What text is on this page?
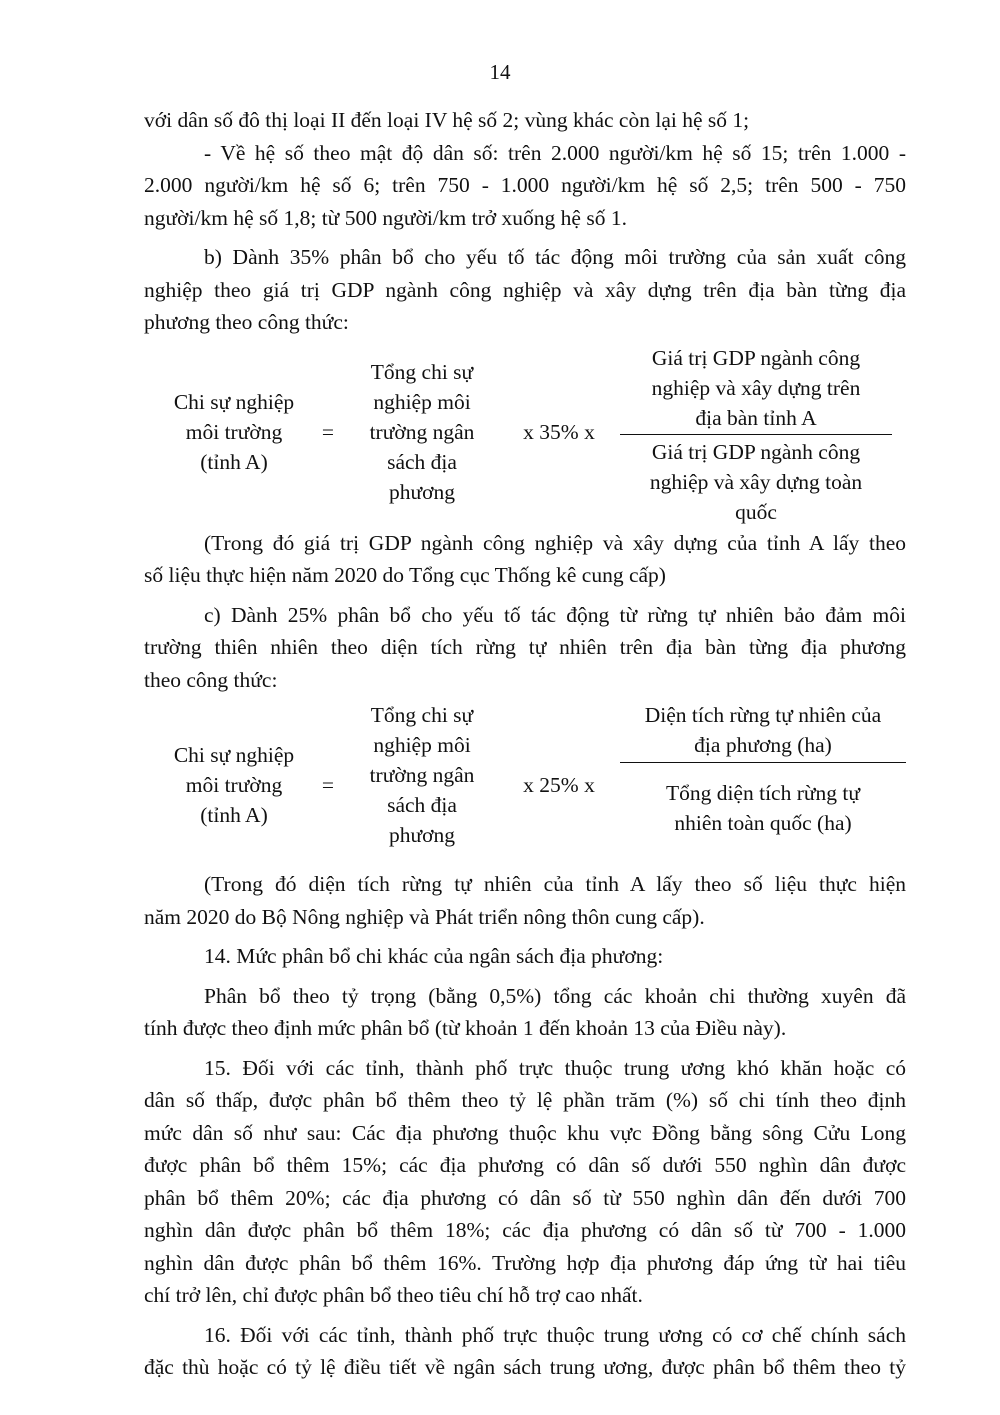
14

với dân số đô thị loại II đến loại IV hệ số 2; vùng khác còn lại hệ số 1;

- Về hệ số theo mật độ dân số: trên 2.000 người/km hệ số 15; trên 1.000 -

2.000 người/km hệ số 6; trên 750 - 1.000 người/km hệ số 2,5; trên 500 - 750

người/km hệ số 1,8; từ 500 người/km trở xuống hệ số 1.

b) Dành 35% phân bổ cho yếu tố tác động môi trường của sản xuất công

nghiệp theo giá trị GDP ngành công nghiệp và xây dựng trên địa bàn từng địa

phương theo công thức:

Chi sự nghiệp
môi trường
(tỉnh A)
=
Tổng chi sự
nghiệp môi
trường ngân
sách địa
phương
x 35% x
Giá trị GDP ngành công
nghiệp và xây dựng trên
địa bàn tỉnh A
Giá trị GDP ngành công
nghiệp và xây dựng toàn
quốc

(Trong đó giá trị GDP ngành công nghiệp và xây dựng của tỉnh A lấy theo

số liệu thực hiện năm 2020 do Tổng cục Thống kê cung cấp)

c) Dành 25% phân bổ cho yếu tố tác động từ rừng tự nhiên bảo đảm môi

trường thiên nhiên theo diện tích rừng tự nhiên trên địa bàn từng địa phương

theo công thức:

Chi sự nghiệp
môi trường
(tỉnh A)
=
Tổng chi sự
nghiệp môi
trường ngân
sách địa
phương
x 25% x
Diện tích rừng tự nhiên của
địa phương (ha)
Tổng diện tích rừng tự
nhiên toàn quốc (ha)

(Trong đó diện tích rừng tự nhiên của tỉnh A lấy theo số liệu thực hiện

năm 2020 do Bộ Nông nghiệp và Phát triển nông thôn cung cấp).

14. Mức phân bổ chi khác của ngân sách địa phương:

Phân bổ theo tỷ trọng (bằng 0,5%) tổng các khoản chi thường xuyên đã

tính được theo định mức phân bổ (từ khoản 1 đến khoản 13 của Điều này).

15. Đối với các tỉnh, thành phố trực thuộc trung ương khó khăn hoặc có

dân số thấp, được phân bổ thêm theo tỷ lệ phần trăm (%) số chi tính theo định

mức dân số như sau: Các địa phương thuộc khu vực Đồng bằng sông Cửu Long

được phân bổ thêm 15%; các địa phương có dân số dưới 550 nghìn dân được

phân bổ thêm 20%; các địa phương có dân số từ 550 nghìn dân đến dưới 700

nghìn dân được phân bổ thêm 18%; các địa phương có dân số từ 700 - 1.000

nghìn dân được phân bổ thêm 16%. Trường hợp địa phương đáp ứng từ hai tiêu

chí trở lên, chỉ được phân bổ theo tiêu chí hỗ trợ cao nhất.

16. Đối với các tỉnh, thành phố trực thuộc trung ương có cơ chế chính sách

đặc thù hoặc có tỷ lệ điều tiết về ngân sách trung ương, được phân bổ thêm theo tỷ
